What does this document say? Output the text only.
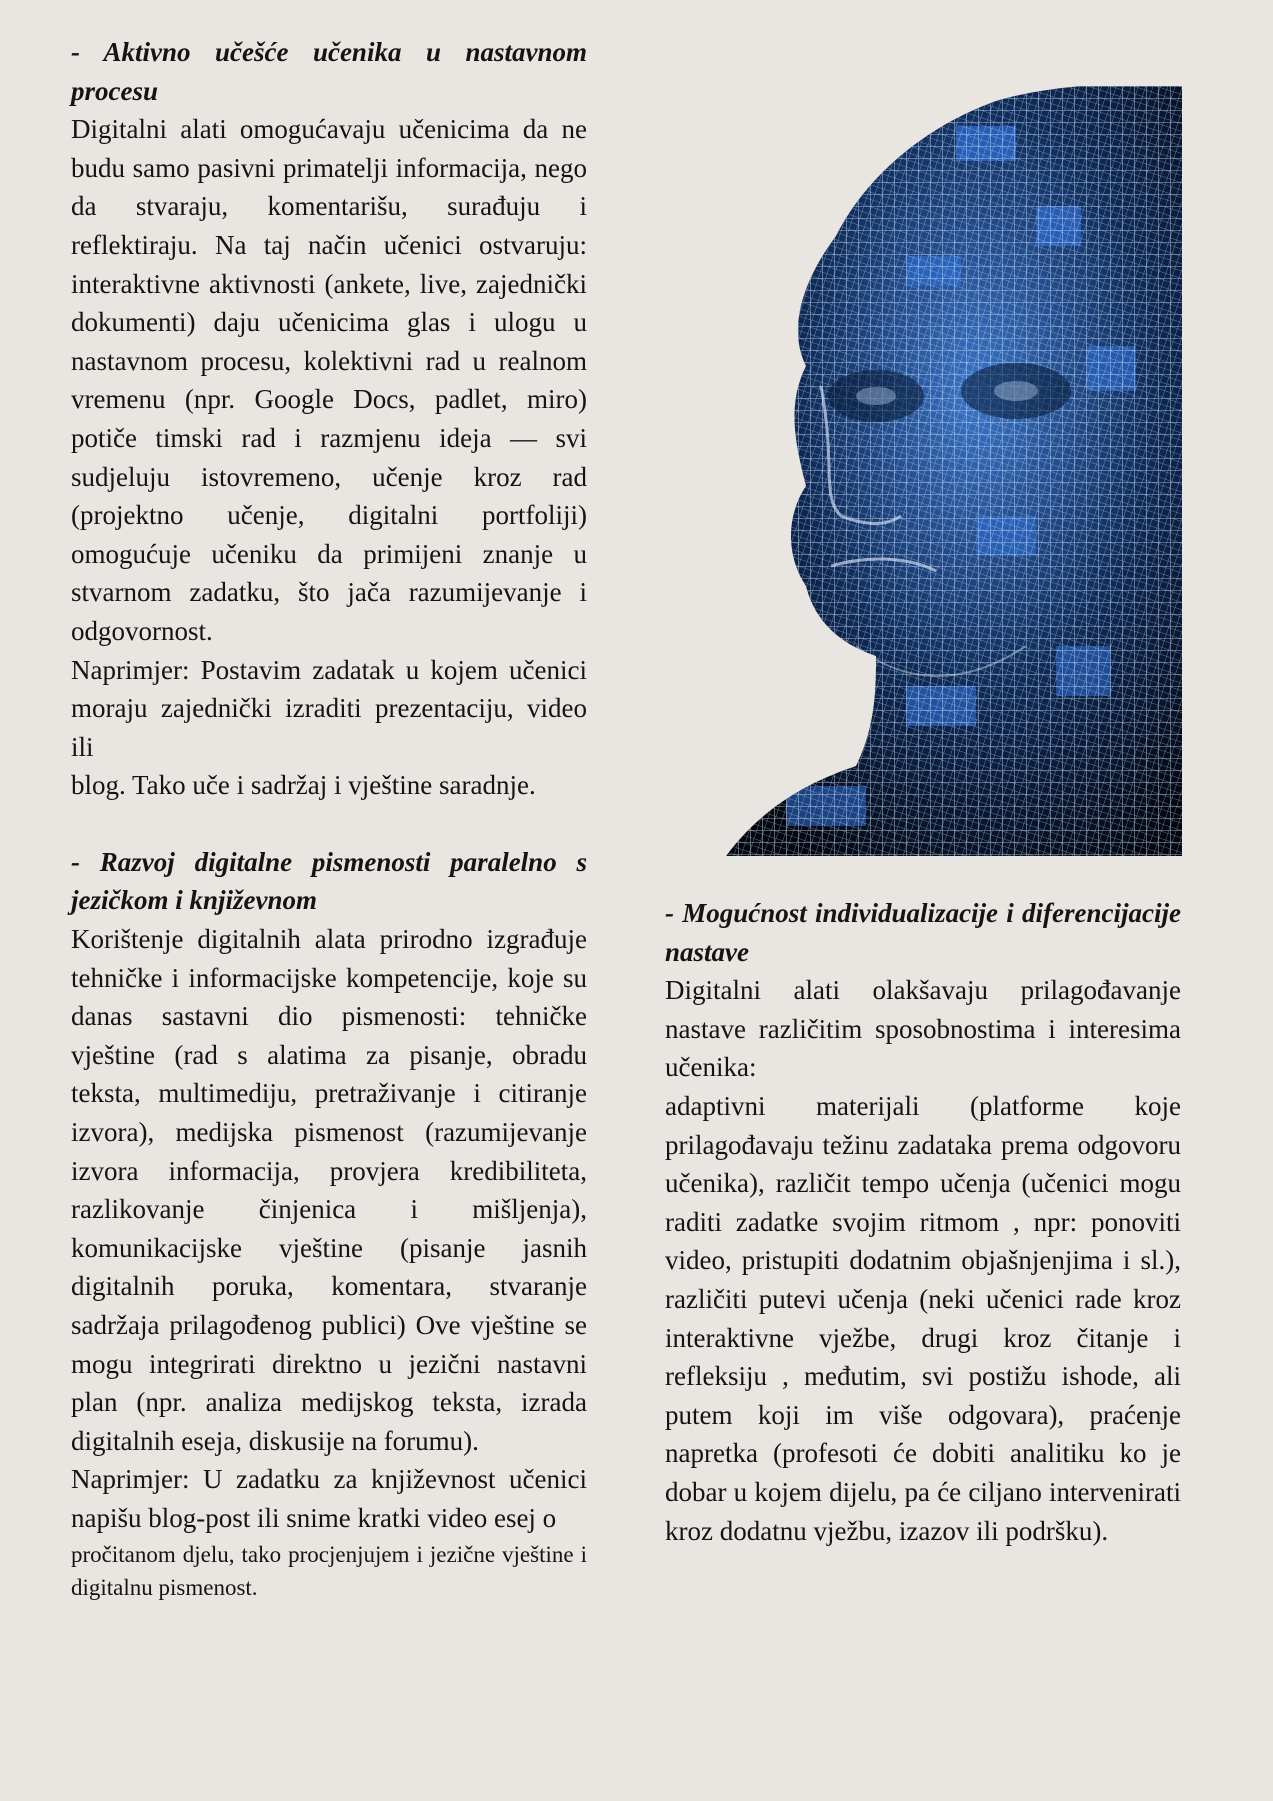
- Aktivno učešće učenika u nastavnom procesu
Digitalni alati omogućavaju učenicima da ne budu samo pasivni primatelji informacija, nego da stvaraju, komentarišu, surađuju i reflektiraju. Na taj način učenici ostvaruju: interaktivne aktivnosti (ankete, live, zajednički dokumenti) daju učenicima glas i ulogu u nastavnom procesu, kolektivni rad u realnom vremenu (npr. Google Docs, padlet, miro) potiče timski rad i razmjenu ideja — svi sudjeluju istovremeno, učenje kroz rad (projektno učenje, digitalni portfoliji) omogućuje učeniku da primijeni znanje u stvarnom zadatku, što jača razumijevanje i odgovornost.
Naprimjer: Postavim zadatak u kojem učenici moraju zajednički izraditi prezentaciju, video ili
blog. Tako uče i sadržaj i vještine saradnje.
- Razvoj digitalne pismenosti paralelno s jezičkom i književnom
Korištenje digitalnih alata prirodno izgrađuje tehničke i informacijske kompetencije, koje su danas sastavni dio pismenosti: tehničke vještine (rad s alatima za pisanje, obradu teksta, multimediju, pretraživanje i citiranje izvora), medijska pismenost (razumijevanje izvora informacija, provjera kredibiliteta, razlikovanje činjenica i mišljenja), komunikacijske vještine (pisanje jasnih digitalnih poruka, komentara, stvaranje sadržaja prilagođenog publici) Ove vještine se mogu integrirati direktno u jezični nastavni plan (npr. analiza medijskog teksta, izrada digitalnih eseja, diskusije na forumu).
Naprimjer: U zadatku za književnost učenici napišu blog-post ili snime kratki video esej o
pročitanom djelu, tako procjenjujem i jezične vještine i digitalnu pismenost.
- Mogućnost individualizacije i diferencijacije nastave
Digitalni alati olakšavaju prilagođavanje nastave različitim sposobnostima i interesima učenika:
adaptivni materijali (platforme koje prilagođavaju težinu zadataka prema odgovoru učenika), različit tempo učenja (učenici mogu raditi zadatke svojim ritmom , npr: ponoviti video, pristupiti dodatnim objašnjenjima i sl.), različiti putevi učenja (neki učenici rade kroz interaktivne vježbe, drugi kroz čitanje i refleksiju , međutim, svi postižu ishode, ali putem koji im više odgovara), praćenje napretka (profesoti će dobiti analitiku ko je dobar u kojem dijelu, pa će ciljano intervenirati kroz dodatnu vježbu, izazov ili podršku).
